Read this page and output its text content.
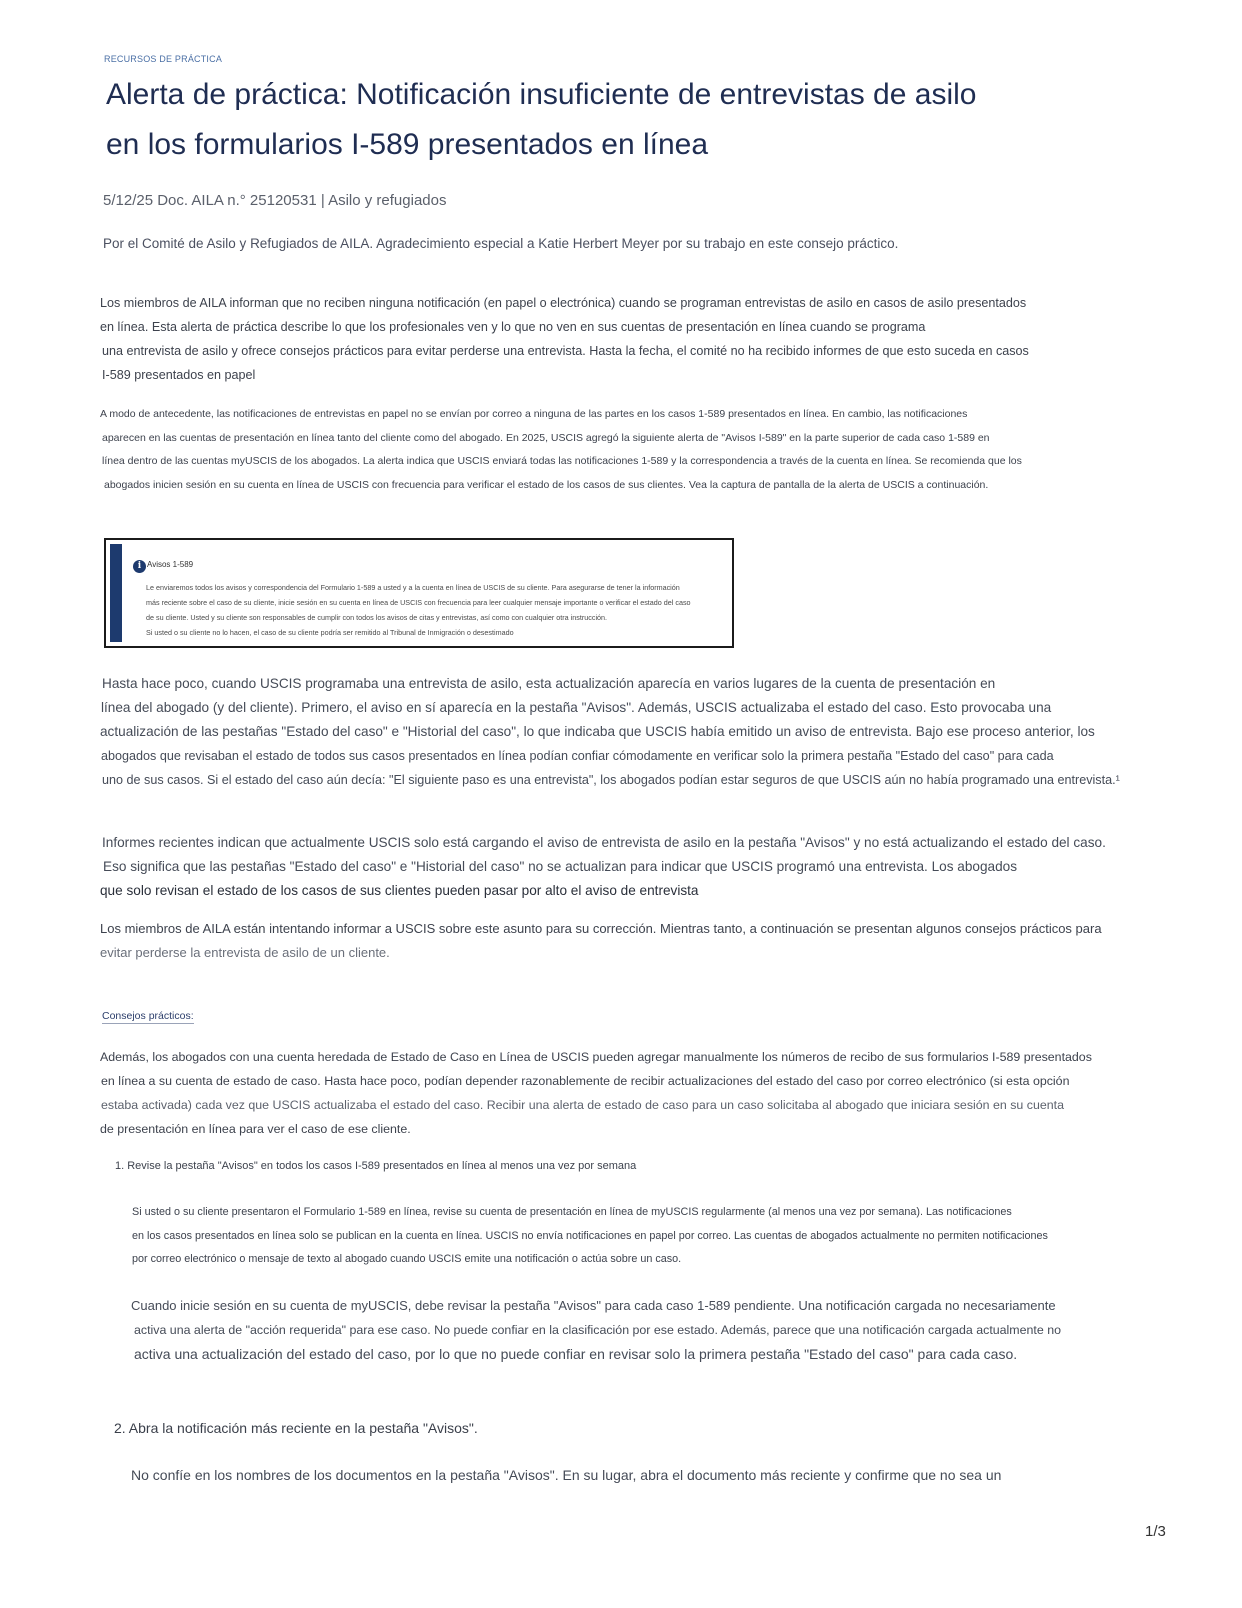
RECURSOS DE PRÁCTICA
Alerta de práctica: Notificación insuficiente de entrevistas de asilo
en los formularios I-589 presentados en línea
5/12/25 Doc. AILA n.° 25120531 | Asilo y refugiados
Por el Comité de Asilo y Refugiados de AILA. Agradecimiento especial a Katie Herbert Meyer por su trabajo en este consejo práctico.

Los miembros de AILA informan que no reciben ninguna notificación (en papel o electrónica) cuando se programan entrevistas de asilo en casos de asilo presentados
en línea. Esta alerta de práctica describe lo que los profesionales ven y lo que no ven en sus cuentas de presentación en línea cuando se programa
una entrevista de asilo y ofrece consejos prácticos para evitar perderse una entrevista. Hasta la fecha, el comité no ha recibido informes de que esto suceda en casos
I-589 presentados en papel

A modo de antecedente, las notificaciones de entrevistas en papel no se envían por correo a ninguna de las partes en los casos 1-589 presentados en línea. En cambio, las notificaciones
aparecen en las cuentas de presentación en línea tanto del cliente como del abogado. En 2025, USCIS agregó la siguiente alerta de "Avisos I-589" en la parte superior de cada caso 1-589 en
línea dentro de las cuentas myUSCIS de los abogados. La alerta indica que USCIS enviará todas las notificaciones 1-589 y la correspondencia a través de la cuenta en línea. Se recomienda que los
abogados inicien sesión en su cuenta en línea de USCIS con frecuencia para verificar el estado de los casos de sus clientes. Vea la captura de pantalla de la alerta de USCIS a continuación.

i Avisos 1-589

Le enviaremos todos los avisos y correspondencia del Formulario 1-589 a usted y a la cuenta en línea de USCIS de su cliente. Para asegurarse de tener la información
más reciente sobre el caso de su cliente, inicie sesión en su cuenta en línea de USCIS con frecuencia para leer cualquier mensaje importante o verificar el estado del caso
de su cliente. Usted y su cliente son responsables de cumplir con todos los avisos de citas y entrevistas, así como con cualquier otra instrucción.
Si usted o su cliente no lo hacen, el caso de su cliente podría ser remitido al Tribunal de Inmigración o desestimado

Hasta hace poco, cuando USCIS programaba una entrevista de asilo, esta actualización aparecía en varios lugares de la cuenta de presentación en
línea del abogado (y del cliente). Primero, el aviso en sí aparecía en la pestaña "Avisos". Además, USCIS actualizaba el estado del caso. Esto provocaba una
actualización de las pestañas "Estado del caso" e "Historial del caso", lo que indicaba que USCIS había emitido un aviso de entrevista. Bajo ese proceso anterior, los
abogados que revisaban el estado de todos sus casos presentados en línea podían confiar cómodamente en verificar solo la primera pestaña "Estado del caso" para cada
uno de sus casos. Si el estado del caso aún decía: "El siguiente paso es una entrevista", los abogados podían estar seguros de que USCIS aún no había programado una entrevista.¹

Informes recientes indican que actualmente USCIS solo está cargando el aviso de entrevista de asilo en la pestaña "Avisos" y no está actualizando el estado del caso.
Eso significa que las pestañas "Estado del caso" e "Historial del caso" no se actualizan para indicar que USCIS programó una entrevista. Los abogados
que solo revisan el estado de los casos de sus clientes pueden pasar por alto el aviso de entrevista

Los miembros de AILA están intentando informar a USCIS sobre este asunto para su corrección. Mientras tanto, a continuación se presentan algunos consejos prácticos para
evitar perderse la entrevista de asilo de un cliente.

Consejos prácticos:

Además, los abogados con una cuenta heredada de Estado de Caso en Línea de USCIS pueden agregar manualmente los números de recibo de sus formularios I-589 presentados
en línea a su cuenta de estado de caso. Hasta hace poco, podían depender razonablemente de recibir actualizaciones del estado del caso por correo electrónico (si esta opción
estaba activada) cada vez que USCIS actualizaba el estado del caso. Recibir una alerta de estado de caso para un caso solicitaba al abogado que iniciara sesión en su cuenta
de presentación en línea para ver el caso de ese cliente.

1. Revise la pestaña "Avisos" en todos los casos I-589 presentados en línea al menos una vez por semana

Si usted o su cliente presentaron el Formulario 1-589 en línea, revise su cuenta de presentación en línea de myUSCIS regularmente (al menos una vez por semana). Las notificaciones
en los casos presentados en línea solo se publican en la cuenta en línea. USCIS no envía notificaciones en papel por correo. Las cuentas de abogados actualmente no permiten notificaciones
por correo electrónico o mensaje de texto al abogado cuando USCIS emite una notificación o actúa sobre un caso.

Cuando inicie sesión en su cuenta de myUSCIS, debe revisar la pestaña "Avisos" para cada caso 1-589 pendiente. Una notificación cargada no necesariamente
activa una alerta de "acción requerida" para ese caso. No puede confiar en la clasificación por ese estado. Además, parece que una notificación cargada actualmente no
activa una actualización del estado del caso, por lo que no puede confiar en revisar solo la primera pestaña "Estado del caso" para cada caso.

2. Abra la notificación más reciente en la pestaña "Avisos".

No confíe en los nombres de los documentos en la pestaña "Avisos". En su lugar, abra el documento más reciente y confirme que no sea un

1/3
